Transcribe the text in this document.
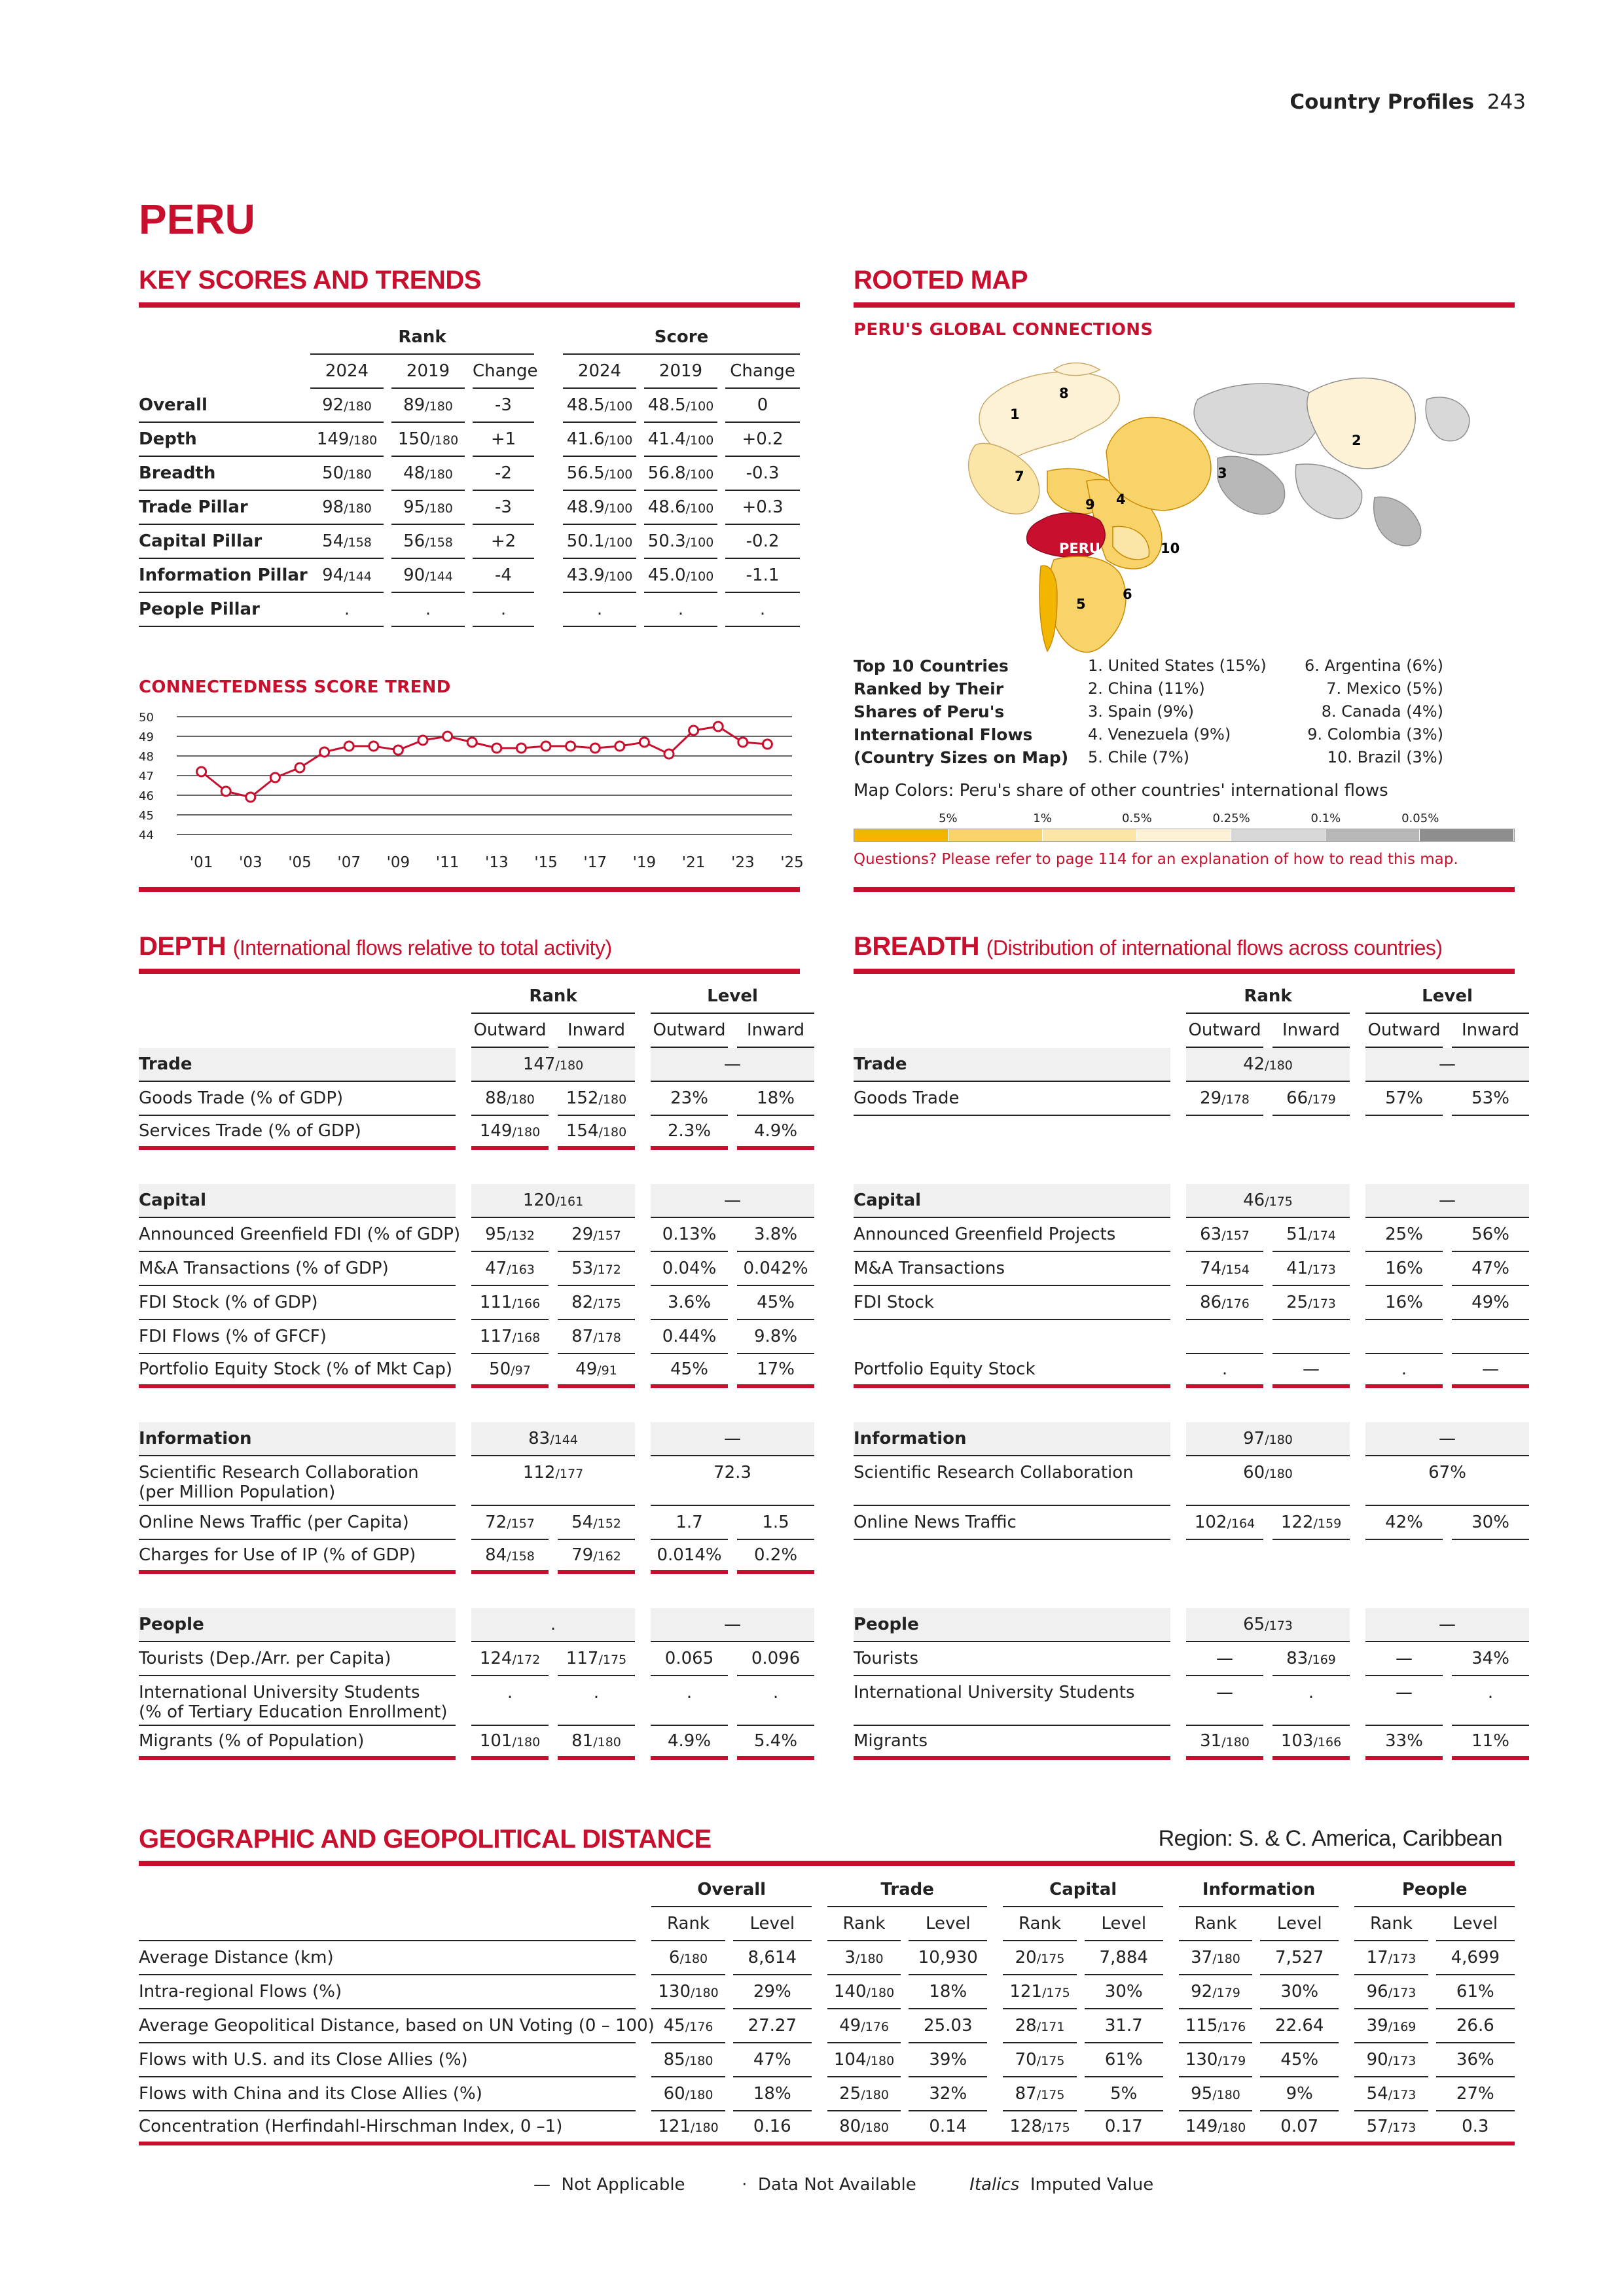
Country Profiles 243
PERU
KEY SCORES AND TRENDS
	Rank						Score				
	2024		2019		Change		2024		2019		Change
Overall	92/180		89/180		-3		48.5/100		48.5/100		0
Depth	149/180		150/180		+1		41.6/100		41.4/100		+0.2
Breadth	50/180		48/180		-2		56.5/100		56.8/100		-0.3
Trade Pillar	98/180		95/180		-3		48.9/100		48.6/100		+0.3
Capital Pillar	54/158		56/158		+2		50.1/100		50.3/100		-0.2
Information Pillar	94/144		90/144		-4		43.9/100		45.0/100		-1.1
People Pillar	.		.		.		.		.		.
CONNECTEDNESS SCORE TREND
50
49
48
47
46
45
44
'01 '03 '05 '07 '09 '11 '13 '15 '17 '19 '21 '23 '25
ROOTED MAP
PERU'S GLOBAL CONNECTIONS
1
2
3
4
5
6
7
8
9
10
PERU
Top 10 Countries
Ranked by Their
Shares of Peru's
International Flows
(Country Sizes on Map)
1. United States (15%)
2. China (11%)
3. Spain (9%)
4. Venezuela (9%)
5. Chile (7%)
6. Argentina (6%)
7. Mexico (5%)
8. Canada (4%)
9. Colombia (3%)
10. Brazil (3%)
Map Colors: Peru's share of other countries' international flows
5%	1%	0.5%	0.25%	0.1%	0.05%
Questions? Please refer to page 114 for an explanation of how to read this map.
DEPTH (International flows relative to total activity)
		Rank				Level		
		Outward		Inward		Outward		Inward
Trade		147/180				—		
Goods Trade (% of GDP)		88/180		152/180		23%		18%
Services Trade (% of GDP)		149/180		154/180		2.3%		4.9%

Capital		120/161				—		
Announced Greenfield FDI (% of GDP)		95/132		29/157		0.13%		3.8%
M&A Transactions (% of GDP)		47/163		53/172		0.04%		0.042%
FDI Stock (% of GDP)		111/166		82/175		3.6%		45%
FDI Flows (% of GFCF)		117/168		87/178		0.44%		9.8%
Portfolio Equity Stock (% of Mkt Cap)		50/97		49/91		45%		17%

Information		83/144				—		
Scientific Research Collaboration
(per Million Population)		112/177				72.3		
Online News Traffic (per Capita)		72/157		54/152		1.7		1.5
Charges for Use of IP (% of GDP)		84/158		79/162		0.014%		0.2%

People		.				—		
Tourists (Dep./Arr. per Capita)		124/172		117/175		0.065		0.096
International University Students
(% of Tertiary Education Enrollment)		.		.		.		.
Migrants (% of Population)		101/180		81/180		4.9%		5.4%
BREADTH (Distribution of international flows across countries)
		Rank				Level		
		Outward		Inward		Outward		Inward
Trade		42/180				—		
Goods Trade		29/178		66/179		57%		53%

Capital		46/175				—		
Announced Greenfield Projects		63/157		51/174		25%		56%
M&A Transactions		74/154		41/173		16%		47%
FDI Stock		86/176		25/173		16%		49%

Portfolio Equity Stock		.		—		.		—

Information		97/180				—		
Scientific Research Collaboration		60/180				67%		
Online News Traffic		102/164		122/159		42%		30%

People		65/173				—		
Tourists		—		83/169		—		34%
International University Students		—		.		—		.
Migrants		31/180		103/166		33%		11%
GEOGRAPHIC AND GEOPOLITICAL DISTANCE	Region: S. & C. America, Caribbean
		Overall				Trade				Capital				Information				People		
		Rank		Level		Rank		Level		Rank		Level		Rank		Level		Rank		Level
Average Distance (km)		6/180		8,614		3/180		10,930		20/175		7,884		37/180		7,527		17/173		4,699
Intra-regional Flows (%)		130/180		29%		140/180		18%		121/175		30%		92/179		30%		96/173		61%
Average Geopolitical Distance, based on UN Voting (0 – 100)		45/176		27.27		49/176		25.03		28/171		31.7		115/176		22.64		39/169		26.6
Flows with U.S. and its Close Allies (%)		85/180		47%		104/180		39%		70/175		61%		130/179		45%		90/173		36%
Flows with China and its Close Allies (%)		60/180		18%		25/180		32%		87/175		5%		95/180		9%		54/173		27%
Concentration (Herfindahl-Hirschman Index, 0 –1)		121/180		0.16		80/180		0.14		128/175		0.17		149/180		0.07		57/173		0.3
— Not Applicable	· Data Not Available	Italics Imputed Value
